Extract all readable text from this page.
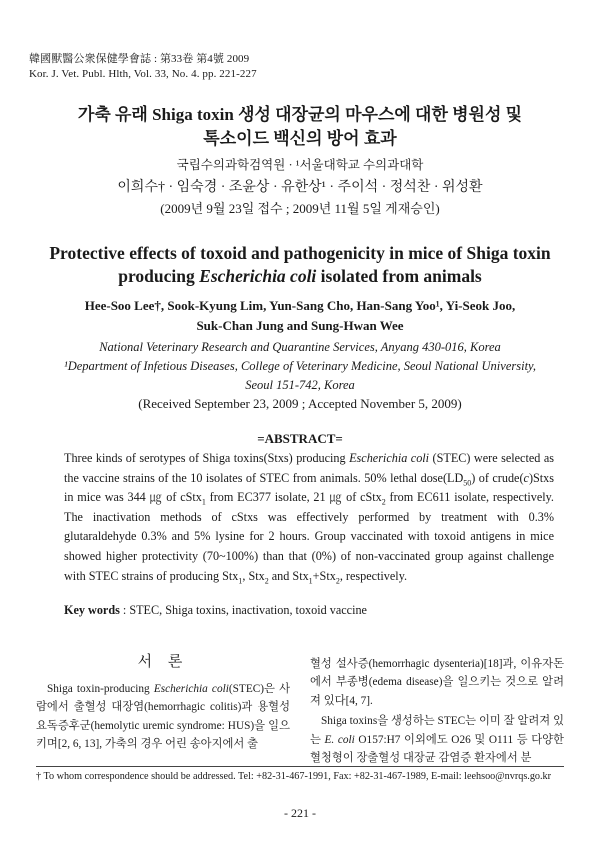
韓國獸醫公衆保健學會誌 : 第33卷 第4號 2009
Kor. J. Vet. Publ. Hlth, Vol. 33, No. 4. pp. 221-227
가축 유래 Shiga toxin 생성 대장균의 마우스에 대한 병원성 및
톡소이드 백신의 방어 효과
국립수의과학검역원 · ¹서울대학교 수의과대학
이희수† · 임숙경 · 조윤상 · 유한상¹ · 주이석 · 정석찬 · 위성환
(2009년 9월 23일 접수 ; 2009년 11월 5일 게재승인)
Protective effects of toxoid and pathogenicity in mice of Shiga toxin
producing Escherichia coli isolated from animals
Hee-Soo Lee†, Sook-Kyung Lim, Yun-Sang Cho, Han-Sang Yoo¹, Yi-Seok Joo,
Suk-Chan Jung and Sung-Hwan Wee
National Veterinary Research and Quarantine Services, Anyang 430-016, Korea
¹Department of Infetious Diseases, College of Veterinary Medicine, Seoul National University,
Seoul 151-742, Korea
(Received September 23, 2009 ; Accepted November 5, 2009)
=ABSTRACT=

Three kinds of serotypes of Shiga toxins(Stxs) producing Escherichia coli (STEC) were selected as the vaccine strains of the 10 isolates of STEC from animals. 50% lethal $dose(LD_{50})$ of crude(c)Stxs in mice was 344 ㎍ of cStx$_1$ from EC377 isolate, 21 ㎍ of cStx$_2$ from EC611 isolate, respectively. The inactivation methods of cStxs was effectively performed by treatment with 0.3% glutaraldehyde 0.3% and 5% lysine for 2 hours. Group vaccinated with toxoid antigens in mice showed higher protectivity (70~100%) than that (0%) of non-vaccinated group against challenge with STEC strains of producing Stx$_1$, Stx$_2$ and Stx$_1$+Stx$_2$, respectively.

Key words : STEC, Shiga toxins, inactivation, toxoid vaccine
서 론

Shiga toxin-producing Escherichia coli(STEC)은 사람에서 출혈성 대장염(hemorrhagic colitis)과 용혈성 요독증후군(hemolytic uremic syndrome: HUS)을 일으키며[2, 6, 13], 가축의 경우 어린 송아지에서 출

혈성 설사증(hemorrhagic dysenteria)[18]과, 이유자돈에서 부종병(edema disease)을 일으키는 것으로 알려져 있다[4, 7].

Shiga toxins을 생성하는 STEC는 이미 잘 알려져 있는 E. coli O157:H7 이외에도 O26 및 O111 등 다양한 혈청형이 장출혈성 대장균 감염증 환자에서 분

† To whom correspondence should be addressed. Tel: +82-31-467-1991, Fax: +82-31-467-1989, E-mail: leehsoo@nvrqs.go.kr
- 221 -
